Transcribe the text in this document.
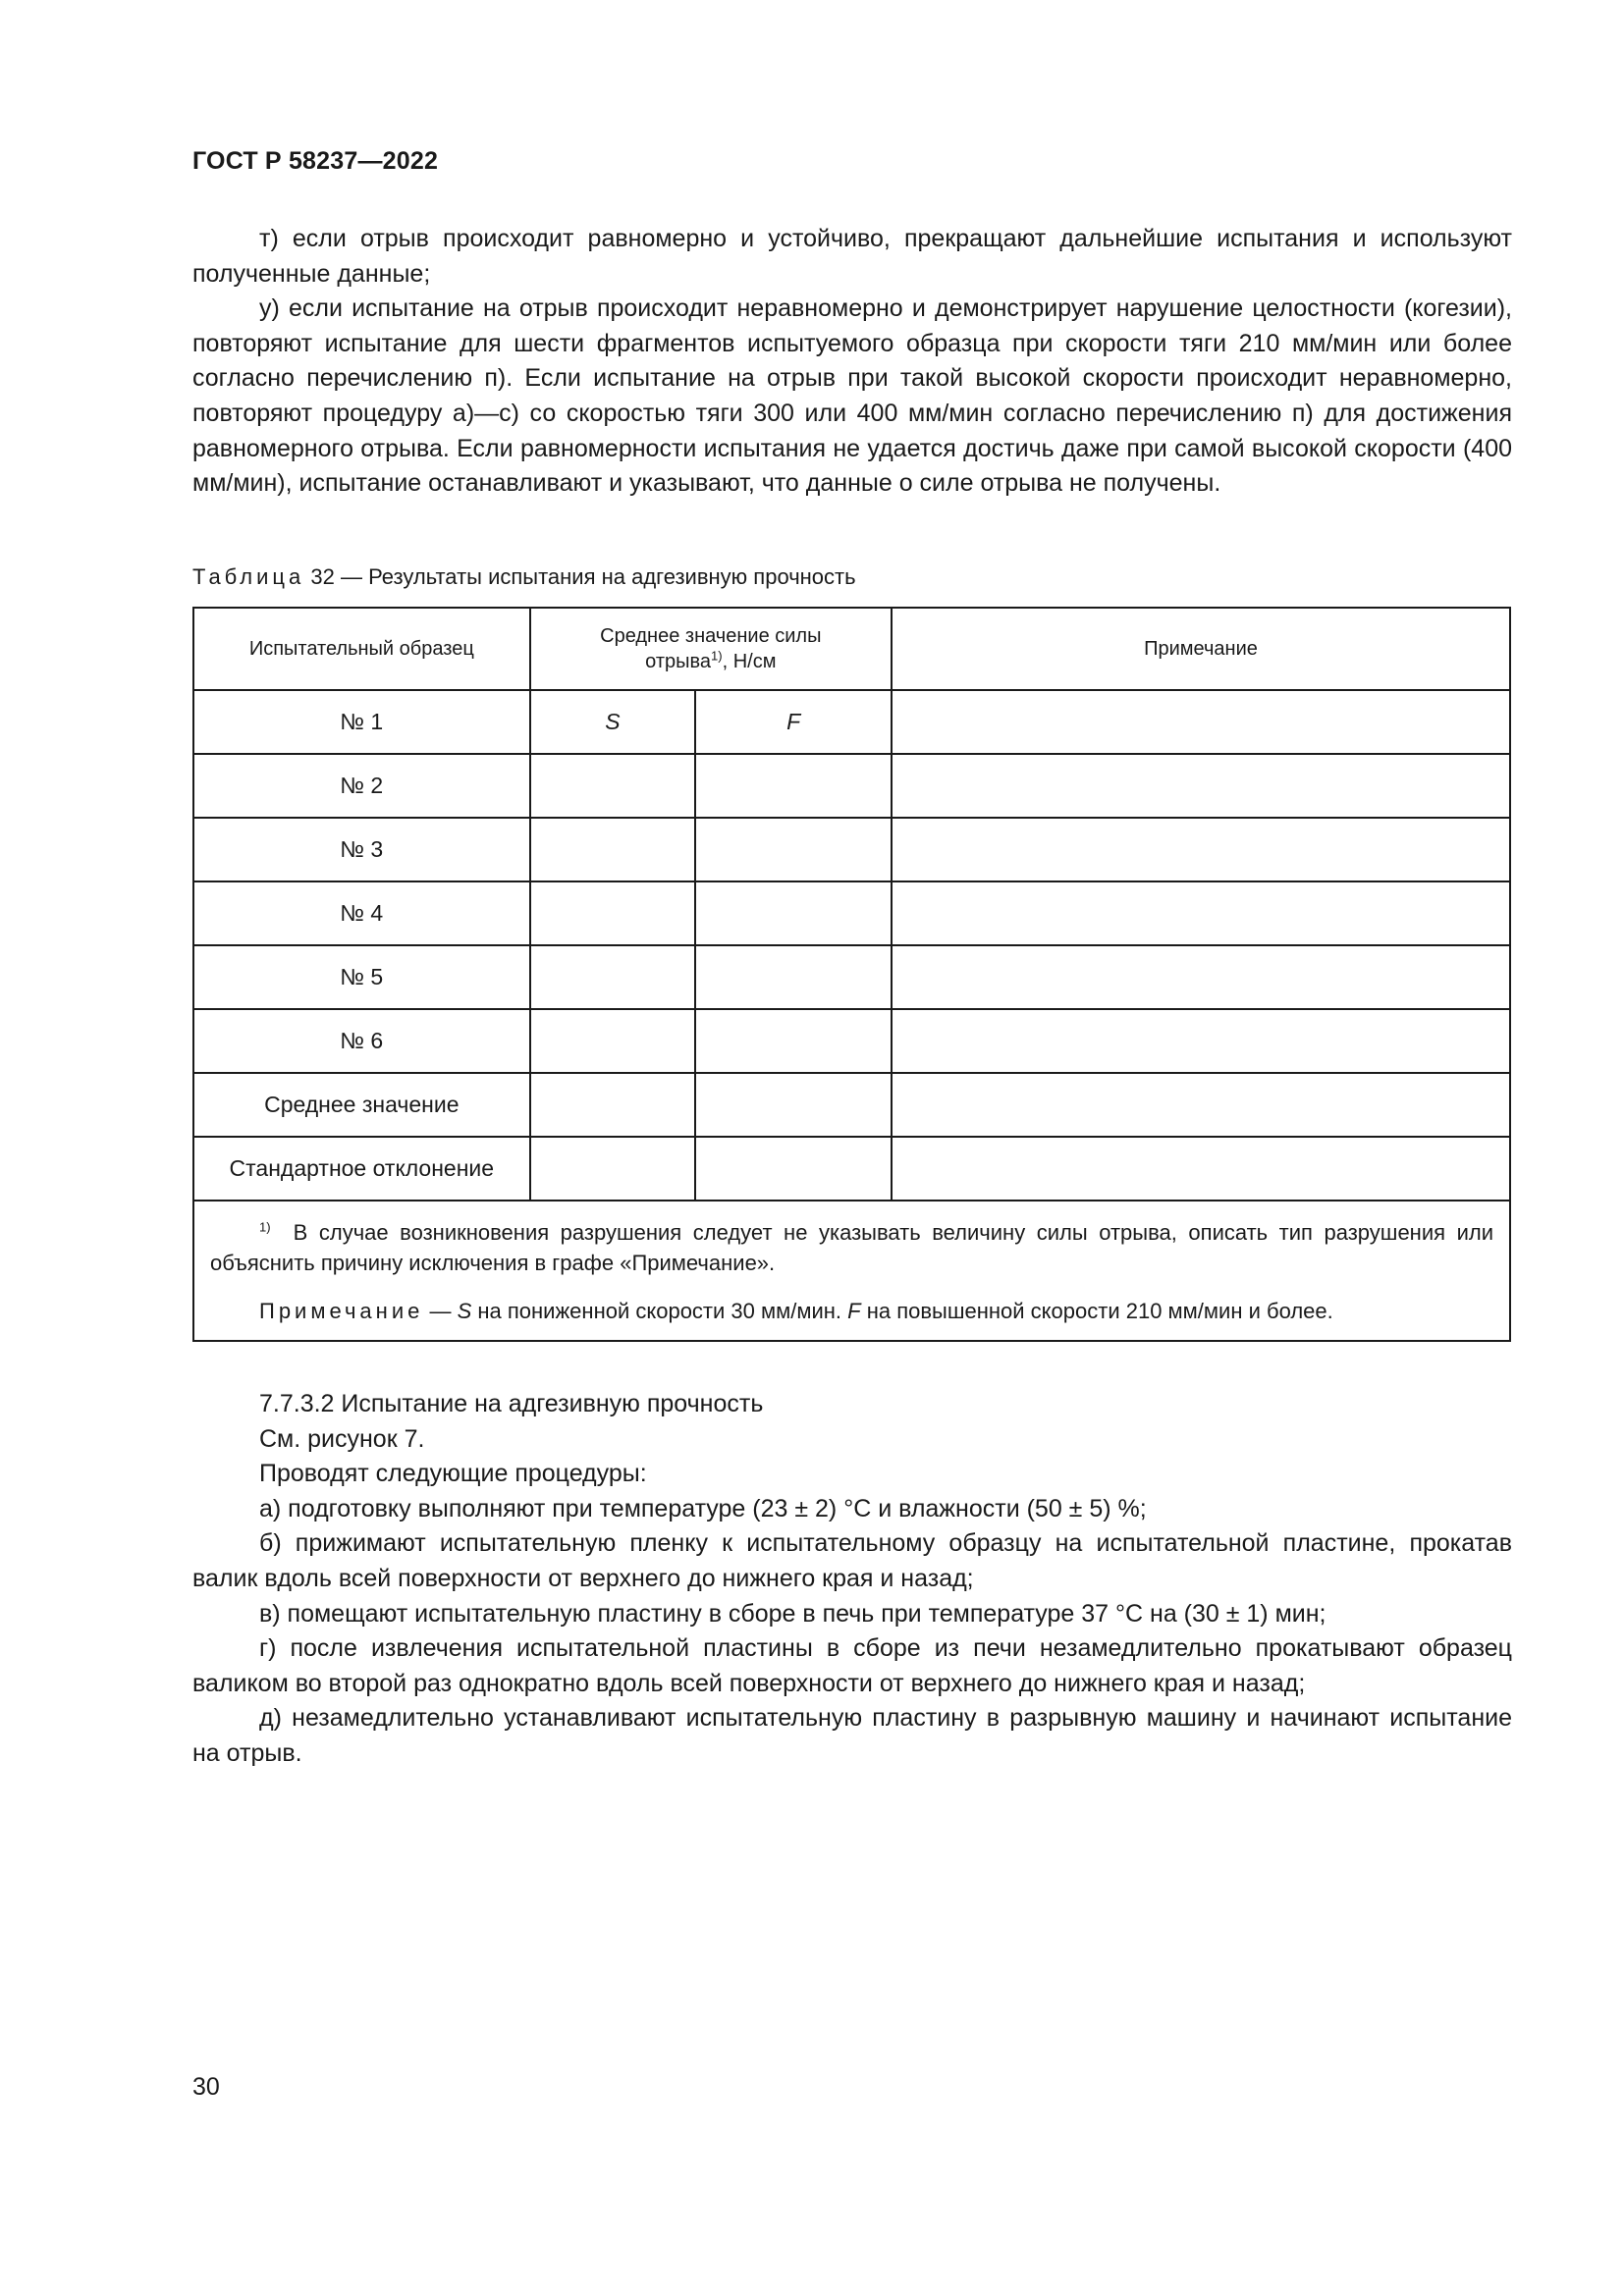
ГОСТ Р 58237—2022

т) если отрыв происходит равномерно и устойчиво, прекращают дальнейшие испытания и используют полученные данные;

у) если испытание на отрыв происходит неравномерно и демонстрирует нарушение целостности (когезии), повторяют испытание для шести фрагментов испытуемого образца при скорости тяги 210 мм/мин или более согласно перечислению п). Если испытание на отрыв при такой высокой скорости происходит неравномерно, повторяют процедуру а)—с) со скоростью тяги 300 или 400 мм/мин согласно перечислению п) для достижения равномерного отрыва. Если равномерности испытания не удается достичь даже при самой высокой скорости (400 мм/мин), испытание останавливают и указывают, что данные о силе отрыва не получены.

Таблица 32 — Результаты испытания на адгезивную прочность
Испытательный образец	Среднее значение силы
отрыва$^{1)}$, Н/см		Примечание
№ 1	S	F	
№ 2			
№ 3			
№ 4			
№ 5			
№ 6			
Среднее значение			
Стандартное отклонение			

$^{1)}$ В случае возникновения разрушения следует не указывать величину силы отрыва, описать тип разрушения или объяснить причину исключения в графе «Примечание».

Примечание — S на пониженной скорости 30 мм/мин. F на повышенной скорости 210 мм/мин и более.			

7.7.3.2 Испытание на адгезивную прочность

См. рисунок 7.

Проводят следующие процедуры:

а) подготовку выполняют при температуре (23 ± 2) °С и влажности (50 ± 5) %;

б) прижимают испытательную пленку к испытательному образцу на испытательной пластине, прокатав валик вдоль всей поверхности от верхнего до нижнего края и назад;

в) помещают испытательную пластину в сборе в печь при температуре 37 °С на (30 ± 1) мин;

г) после извлечения испытательной пластины в сборе из печи незамедлительно прокатывают образец валиком во второй раз однократно вдоль всей поверхности от верхнего до нижнего края и назад;

д) незамедлительно устанавливают испытательную пластину в разрывную машину и начинают испытание на отрыв.

30
